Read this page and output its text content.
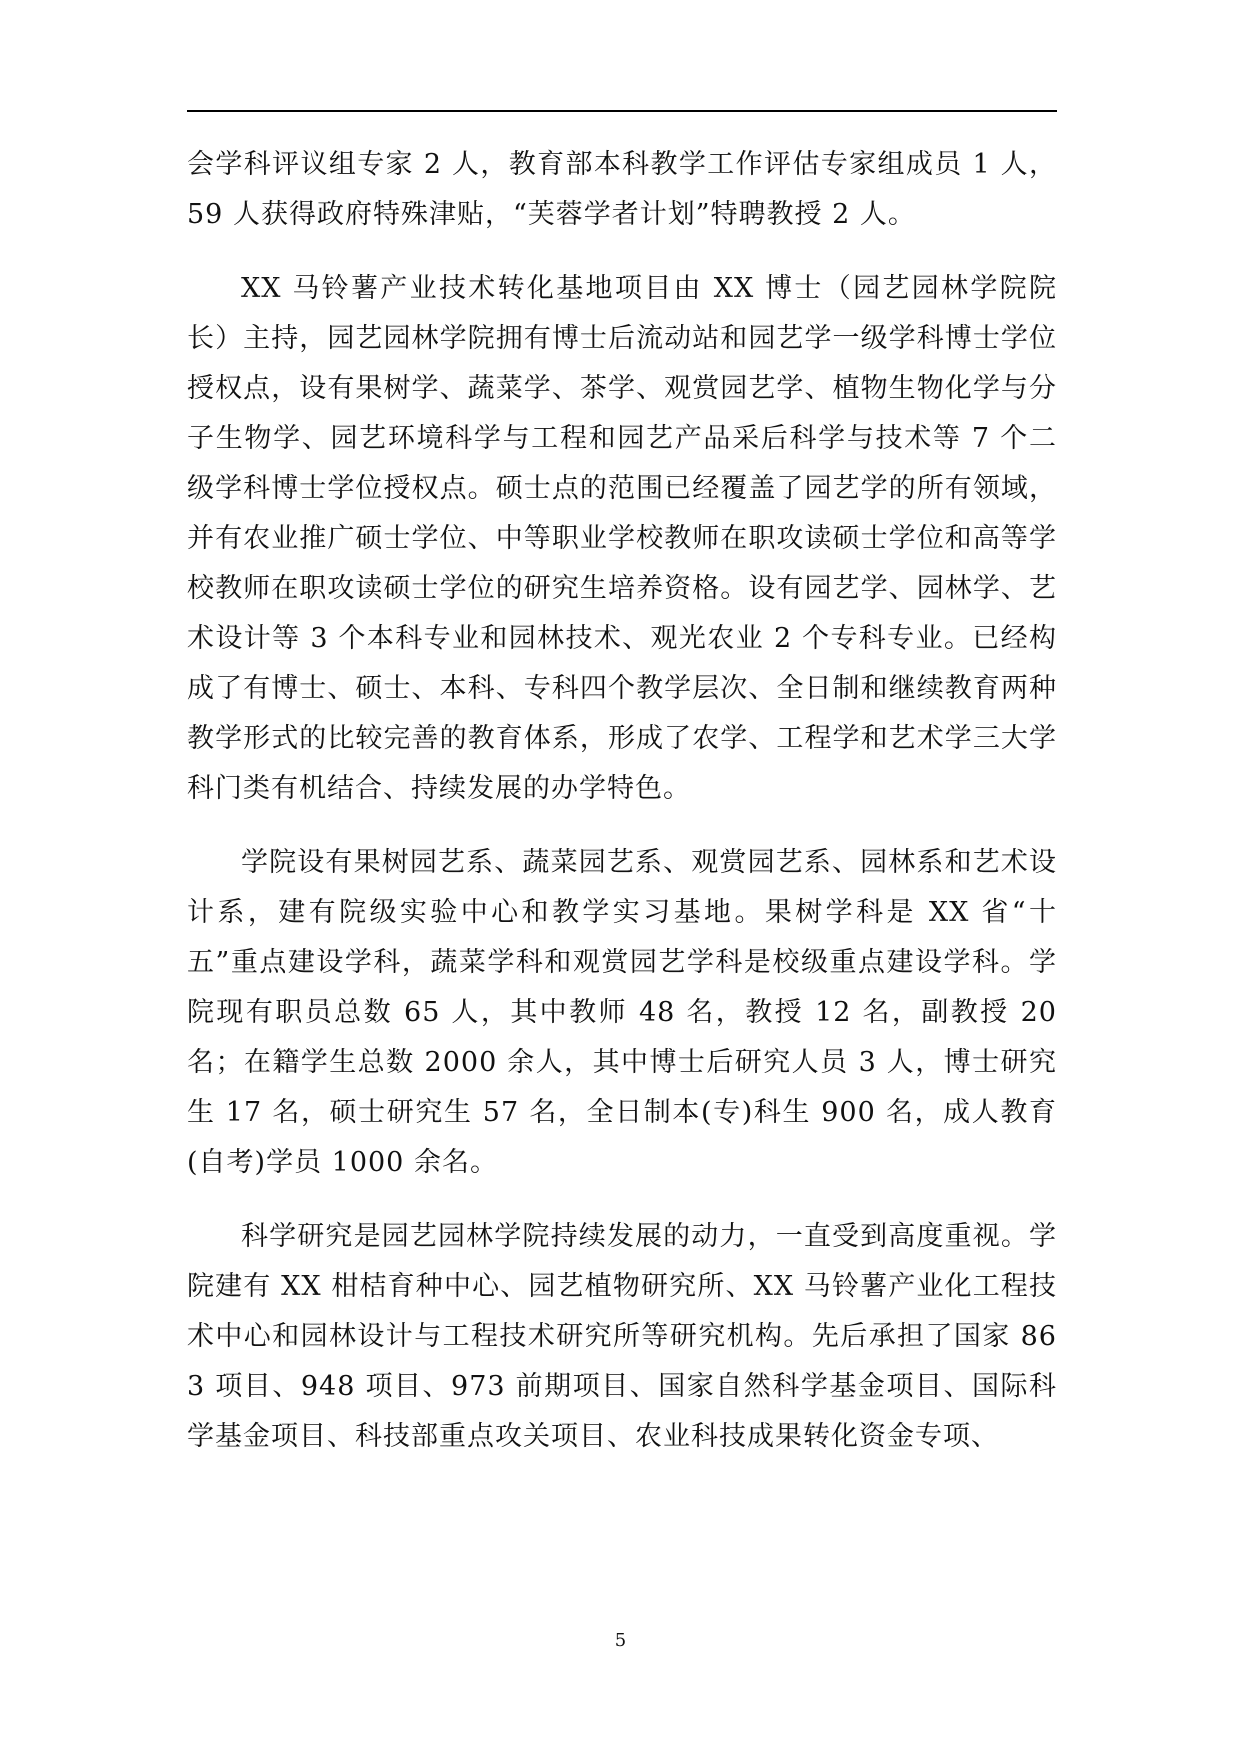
会学科评议组专家 2 人，教育部本科教学工作评估专家组成员 1 人，59 人获得政府特殊津贴，“芙蓉学者计划”特聘教授 2 人。

XX 马铃薯产业技术转化基地项目由 XX 博士（园艺园林学院院长）主持，园艺园林学院拥有博士后流动站和园艺学一级学科博士学位授权点，设有果树学、蔬菜学、茶学、观赏园艺学、植物生物化学与分子生物学、园艺环境科学与工程和园艺产品采后科学与技术等 7 个二级学科博士学位授权点。硕士点的范围已经覆盖了园艺学的所有领域，并有农业推广硕士学位、中等职业学校教师在职攻读硕士学位和高等学校教师在职攻读硕士学位的研究生培养资格。设有园艺学、园林学、艺术设计等 3 个本科专业和园林技术、观光农业 2 个专科专业。已经构成了有博士、硕士、本科、专科四个教学层次、全日制和继续教育两种教学形式的比较完善的教育体系，形成了农学、工程学和艺术学三大学科门类有机结合、持续发展的办学特色。

学院设有果树园艺系、蔬菜园艺系、观赏园艺系、园林系和艺术设计系，建有院级实验中心和教学实习基地。果树学科是 XX 省“十五”重点建设学科，蔬菜学科和观赏园艺学科是校级重点建设学科。学院现有职员总数 65 人，其中教师 48 名，教授 12 名，副教授 20 名；在籍学生总数 2000 余人，其中博士后研究人员 3 人，博士研究生 17 名，硕士研究生 57 名，全日制本(专)科生 900 名，成人教育(自考)学员 1000 余名。

科学研究是园艺园林学院持续发展的动力，一直受到高度重视。学院建有 XX 柑桔育种中心、园艺植物研究所、XX 马铃薯产业化工程技术中心和园林设计与工程技术研究所等研究机构。先后承担了国家 863 项目、948 项目、973 前期项目、国家自然科学基金项目、国际科学基金项目、科技部重点攻关项目、农业科技成果转化资金专项、

5
